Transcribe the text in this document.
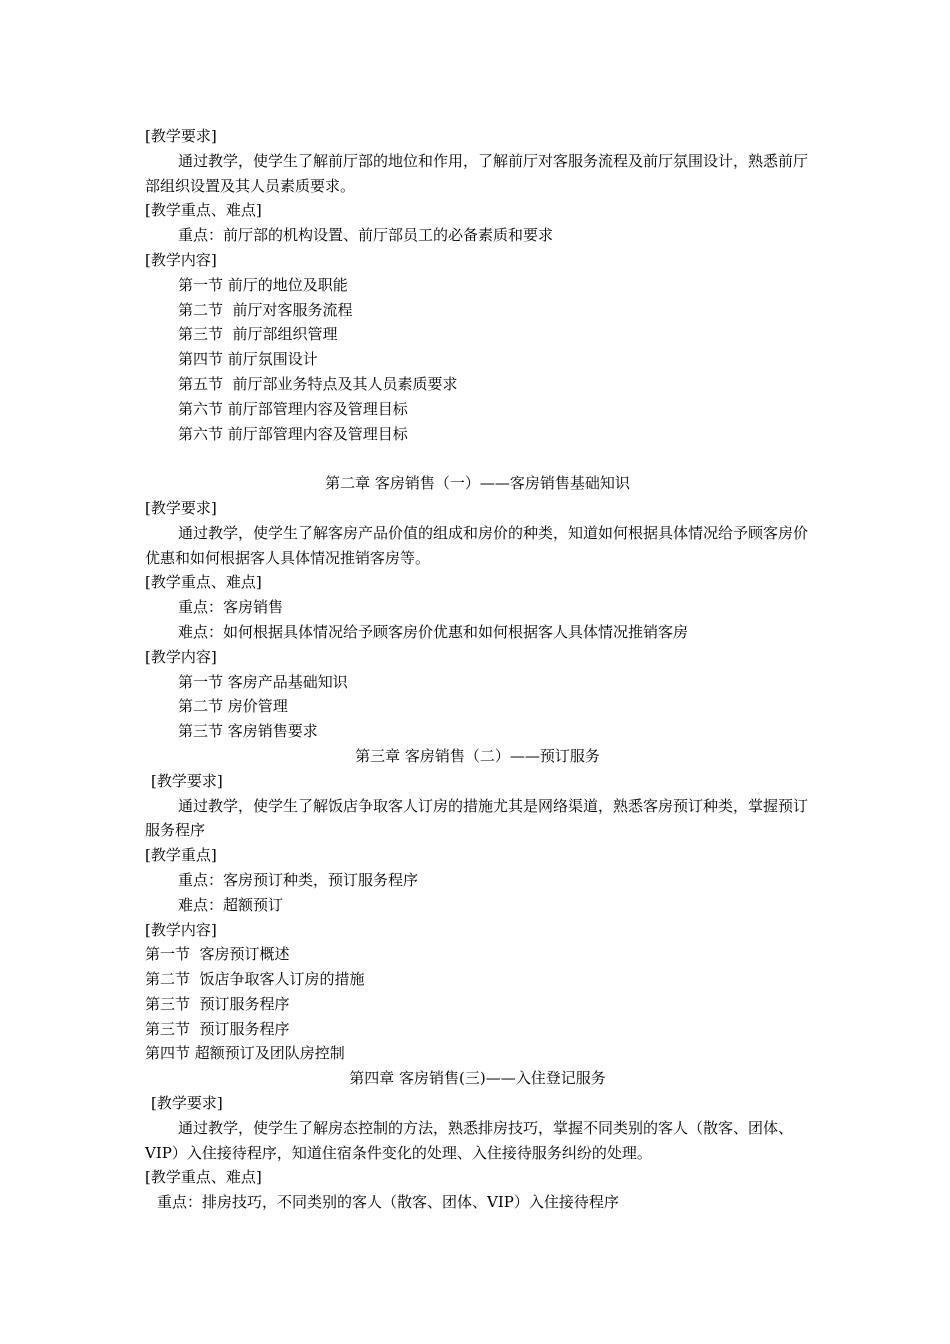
[教学要求]
通过教学，使学生了解前厅部的地位和作用，了解前厅对客服务流程及前厅氛围设计，熟悉前厅部组织设置及其人员素质要求。
[教学重点、难点]
重点：前厅部的机构设置、前厅部员工的必备素质和要求
[教学内容]
第一节 前厅的地位及职能
第二节  前厅对客服务流程
第三节  前厅部组织管理
第四节 前厅氛围设计
第五节  前厅部业务特点及其人员素质要求
第六节 前厅部管理内容及管理目标
第六节 前厅部管理内容及管理目标
第二章 客房销售（一）——客房销售基础知识
[教学要求]
通过教学，使学生了解客房产品价值的组成和房价的种类，知道如何根据具体情况给予顾客房价优惠和如何根据客人具体情况推销客房等。
[教学重点、难点]
重点：客房销售
难点：如何根据具体情况给予顾客房价优惠和如何根据客人具体情况推销客房
[教学内容]
第一节 客房产品基础知识
第二节 房价管理
第三节 客房销售要求
第三章 客房销售（二）——预订服务
[教学要求]
通过教学，使学生了解饭店争取客人订房的措施尤其是网络渠道，熟悉客房预订种类，掌握预订服务程序
[教学重点]
重点：客房预订种类，预订服务程序
难点：超额预订
[教学内容]
第一节  客房预订概述
第二节  饭店争取客人订房的措施
第三节  预订服务程序
第三节  预订服务程序
第四节 超额预订及团队房控制
第四章 客房销售(三)——入住登记服务
[教学要求]
通过教学，使学生了解房态控制的方法，熟悉排房技巧，掌握不同类别的客人（散客、团体、VIP）入住接待程序，知道住宿条件变化的处理、入住接待服务纠纷的处理。
[教学重点、难点]
重点：排房技巧，不同类别的客人（散客、团体、VIP）入住接待程序
